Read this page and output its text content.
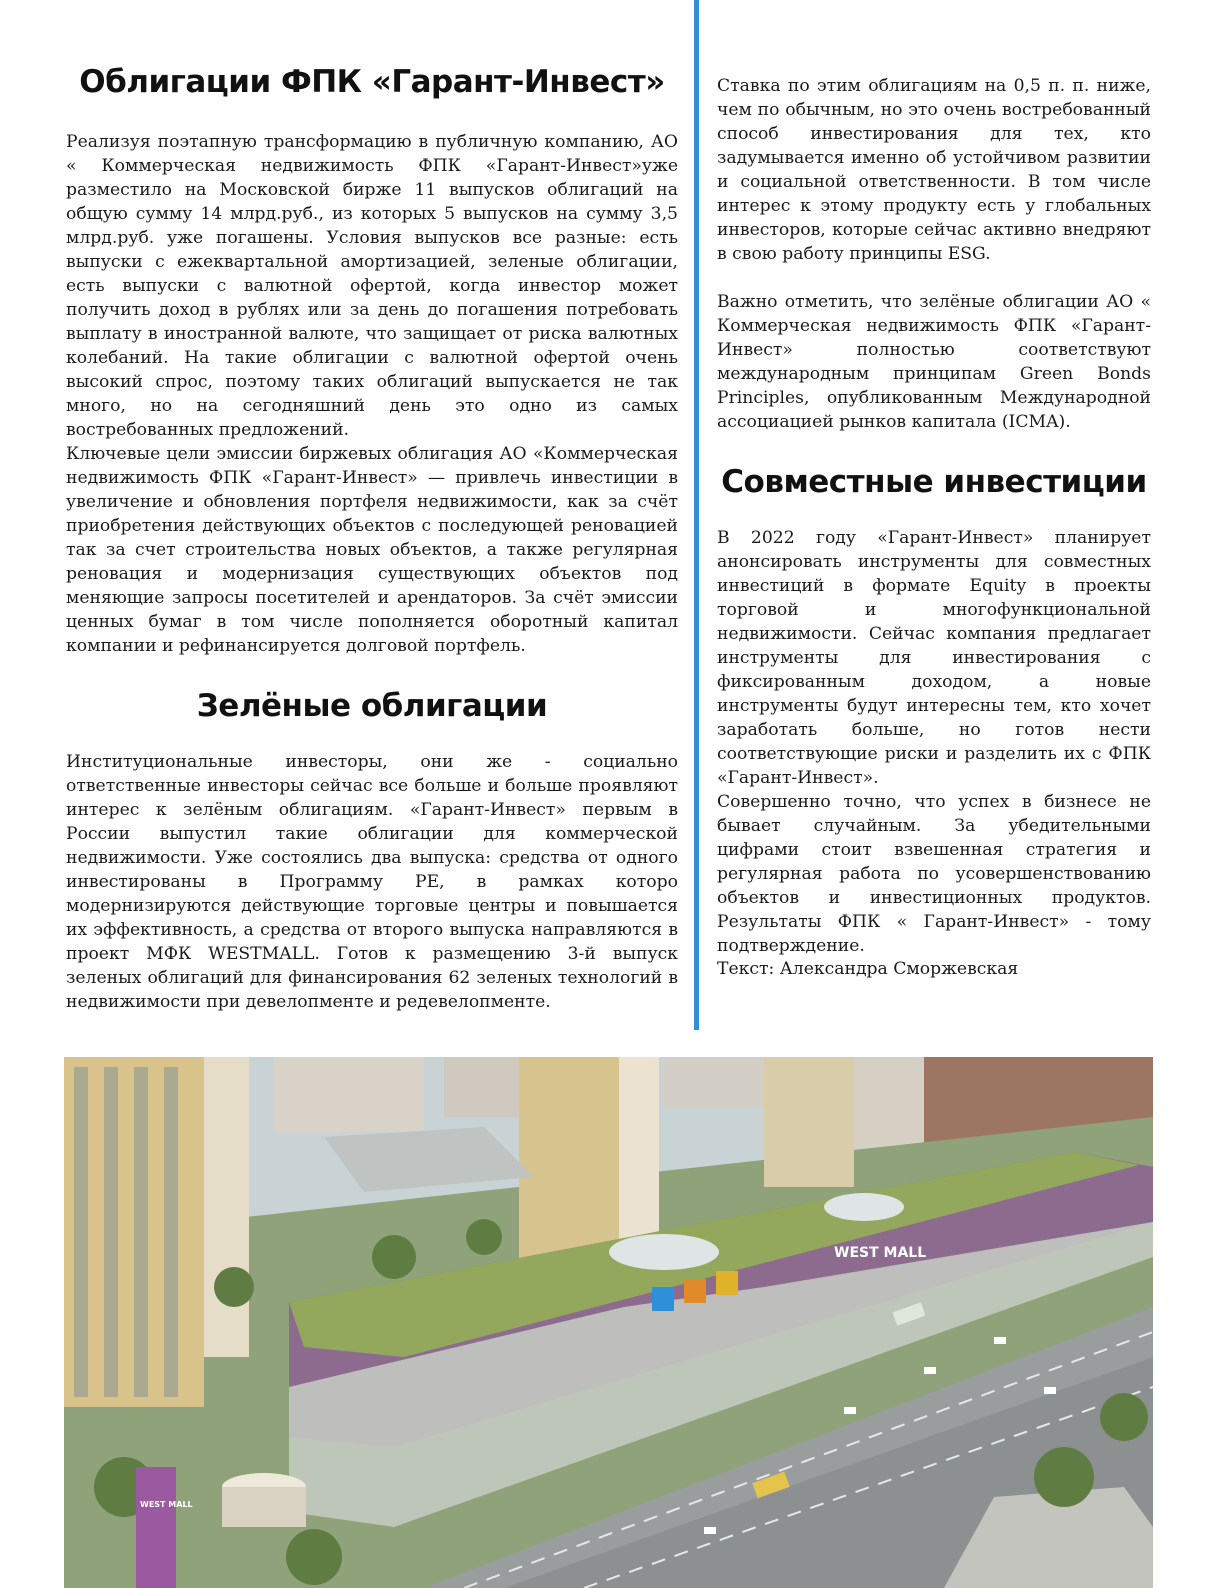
Облигации ФПК «Гарант-Инвест»

Реализуя поэтапную трансформацию в публичную компанию, АО « Коммерческая недвижимость ФПК «Гарант-Инвест»уже разместило на Московской бирже 11 выпусков облигаций на общую сумму 14 млрд.руб., из которых 5 выпусков на сумму 3,5 млрд.руб. уже погашены. Условия выпусков все разные: есть выпуски с ежеквартальной амортизацией, зеленые облигации, есть выпуски с валютной офертой, когда инвестор может получить доход в рублях или за день до погашения потребовать выплату в иностранной валюте, что защищает от риска валютных колебаний. На такие облигации с валютной офертой очень высокий спрос, поэтому таких облигаций выпускается не так много, но на сегодняшний день это одно из самых востребованных предложений.

Ключевые цели эмиссии биржевых облигация АО «Коммерческая недвижимость ФПК «Гарант-Инвест» — привлечь инвестиции в увеличение и обновления портфеля недвижимости, как за счёт приобретения действующих объектов с последующей реновацией так за счет строительства новых объектов, а также регулярная реновация и модернизация существующих объектов под меняющие запросы посетителей и арендаторов. За счёт эмиссии ценных бумаг в том числе пополняется оборотный капитал компании и рефинансируется долговой портфель.

Зелёные облигации

Институциональные инвесторы, они же - социально ответственные инвесторы сейчас все больше и больше проявляют интерес к зелёным облигациям. «Гарант-Инвест» первым в России выпустил такие облигации для коммерческой недвижимости. Уже состоялись два выпуска: средства от одного инвестированы в Программу РЕ, в рамках которо модернизируются действующие торговые центры и повышается их эффективность, а средства от второго выпуска направляются в проект МФК WESTMALL. Готов к размещению 3-й выпуск зеленых облигаций для финансирования 62 зеленых технологий в недвижимости при девелопменте и редевелопменте.

Ставка по этим облигациям на 0,5 п. п. ниже, чем по обычным, но это очень востребованный способ инвестирования для тех, кто задумывается именно об устойчивом развитии и социальной ответственности. В том числе интерес к этому продукту есть у глобальных инвесторов, которые сейчас активно внедряют в свою работу принципы ESG.

Важно отметить, что зелёные облигации АО « Коммерческая недвижимость ФПК «Гарант-Инвест» полностью соответствуют международным принципам Green Bonds Principles, опубликованным Международной ассоциацией рынков капитала (ICMA).

Совместные инвестиции

В 2022 году «Гарант-Инвест» планирует анонсировать инструменты для совместных инвестиций в формате Equity в проекты торговой и многофункциональной недвижимости. Сейчас компания предлагает инструменты для инвестирования с фиксированным доходом, а новые инструменты будут интересны тем, кто хочет заработать больше, но готов нести соответствующие риски и разделить их с ФПК «Гарант-Инвест».

Совершенно точно, что успех в бизнесе не бывает случайным. За убедительными цифрами стоит взвешенная стратегия и регулярная работа по усовершенствованию объектов и инвестиционных продуктов. Результаты ФПК « Гарант-Инвест» - тому подтверждение.

Текст: Александра Сморжевская

WEST MALL
WEST MALL
